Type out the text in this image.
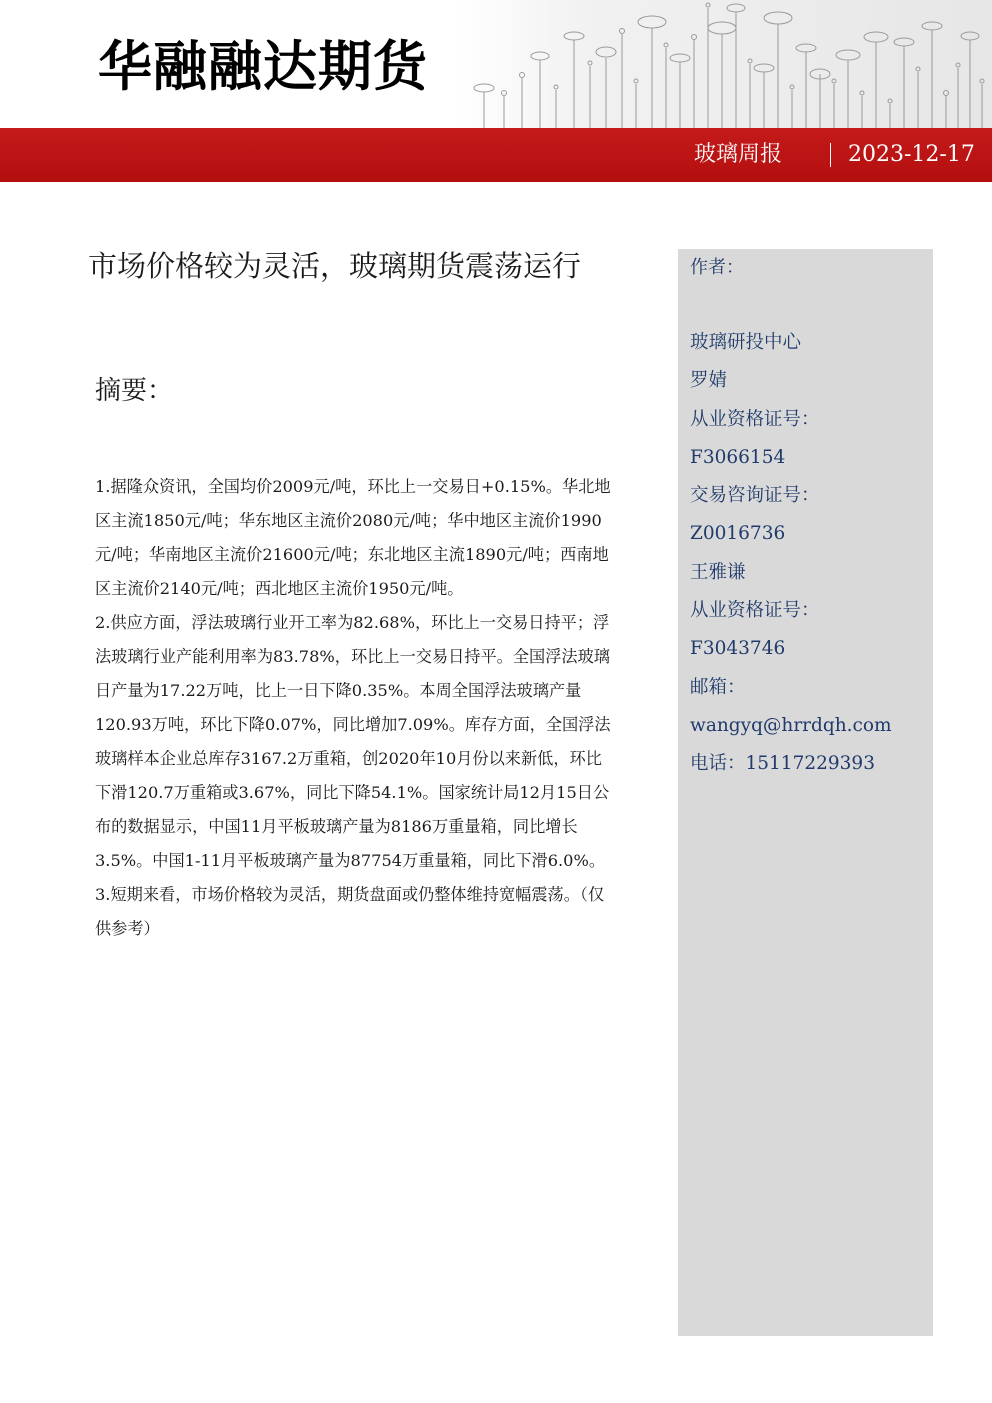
华融融达期货
玻璃周报	2023-12-17
市场价格较为灵活，玻璃期货震荡运行
摘要：

1.据隆众资讯，全国均价2009元/吨，环比上一交易日+0.15%。华北地区主流1850元/吨；华东地区主流价2080元/吨；华中地区主流价1990元/吨；华南地区主流价21600元/吨；东北地区主流1890元/吨；西南地区主流价2140元/吨；西北地区主流价1950元/吨。

2.供应方面，浮法玻璃行业开工率为82.68%，环比上一交易日持平；浮法玻璃行业产能利用率为83.78%，环比上一交易日持平。全国浮法玻璃日产量为17.22万吨，比上一日下降0.35%。本周全国浮法玻璃产量120.93万吨，环比下降0.07%，同比增加7.09%。库存方面，全国浮法玻璃样本企业总库存3167.2万重箱，创2020年10月份以来新低，环比下滑120.7万重箱或3.67%，同比下降54.1%。国家统计局12月15日公布的数据显示，中国11月平板玻璃产量为8186万重量箱，同比增长3.5%。中国1-11月平板玻璃产量为87754万重量箱，同比下滑6.0%。

3.短期来看，市场价格较为灵活，期货盘面或仍整体维持宽幅震荡。（仅供参考）

作者：
玻璃研投中心
罗婧
从业资格证号：
F3066154
交易咨询证号：
Z0016736
王雅谦
从业资格证号：
F3043746
邮箱：
wangyq@hrrdqh.com
电话：15117229393
